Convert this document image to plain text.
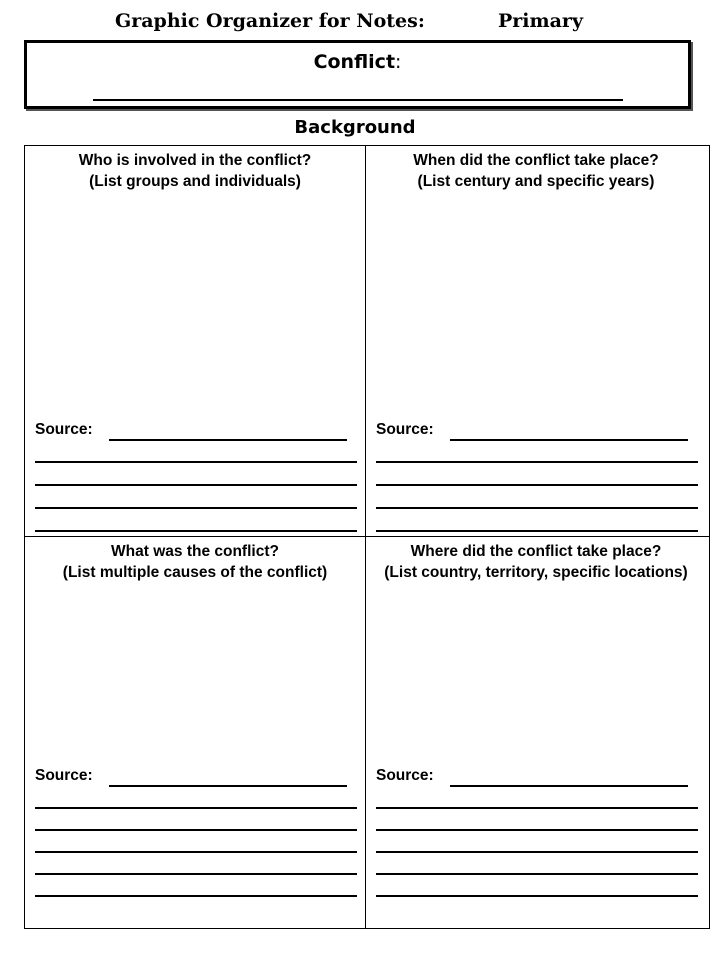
Graphic Organizer for Notes:	Primary
Conflict:
Background
Who is involved in the conflict?
(List groups and individuals)
Source:
When did the conflict take place?
(List century and specific years)
Source:
What was the conflict?
(List multiple causes of the conflict)
Source:
Where did the conflict take place?
(List country, territory, specific locations)
Source:
